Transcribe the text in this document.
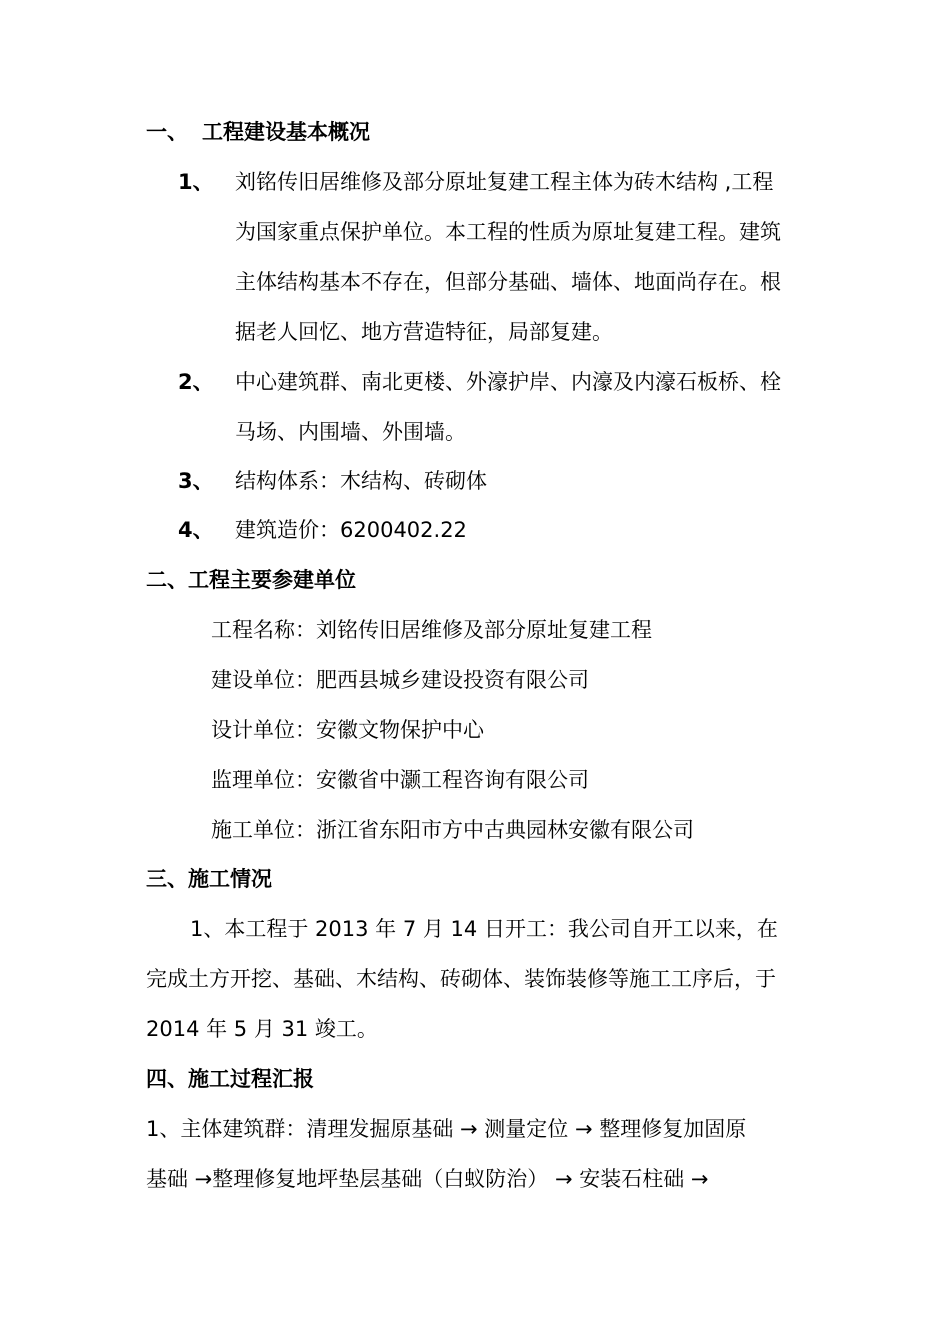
一、 工程建设基本概况
1、 刘铭传旧居维修及部分原址复建工程主体为砖木结构 ,工程
为国家重点保护单位。本工程的性质为原址复建工程。建筑
主体结构基本不存在，但部分基础、墙体、地面尚存在。根
据老人回忆、地方营造特征，局部复建。
2、 中心建筑群、南北更楼、外濠护岸、内濠及内濠石板桥、栓
马场、内围墙、外围墙。
3、 结构体系：木结构、砖砌体
4、 建筑造价：6200402.22
二、工程主要参建单位
工程名称：刘铭传旧居维修及部分原址复建工程
建设单位：肥西县城乡建设投资有限公司
设计单位：安徽文物保护中心
监理单位：安徽省中灏工程咨询有限公司
施工单位：浙江省东阳市方中古典园林安徽有限公司
三、施工情况
1、本工程于 2013 年 7 月 14 日开工：我公司自开工以来，在
完成土方开挖、基础、木结构、砖砌体、装饰装修等施工工序后，于
2014 年 5 月 31 竣工。
四、施工过程汇报
1、主体建筑群：清理发掘原基础 → 测量定位 → 整理修复加固原
基础 →整理修复地坪垫层基础（白蚁防治） → 安装石柱础 →
